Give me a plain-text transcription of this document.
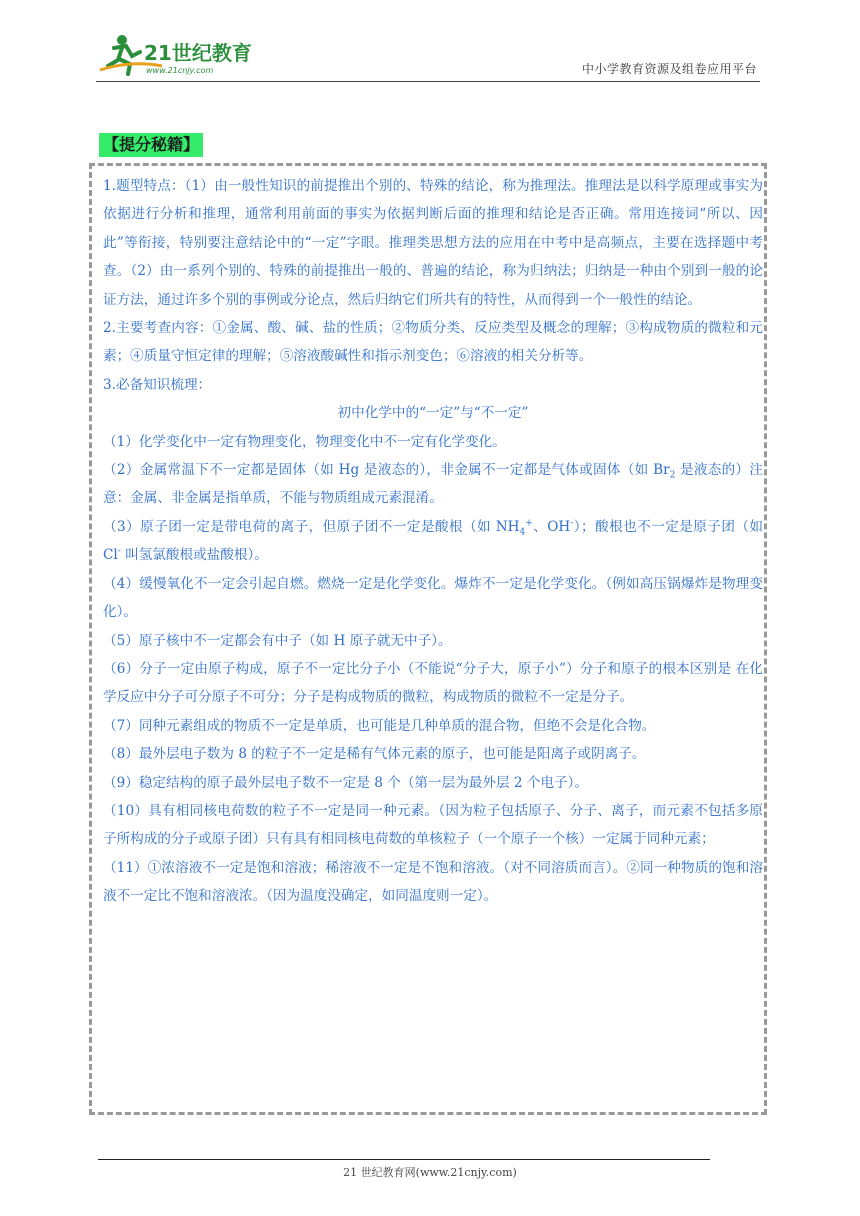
21世纪教育
www.21cnjy.com	中小学教育资源及组卷应用平台
【提分秘籍】

1.题型特点：（1）由一般性知识的前提推出个别的、特殊的结论，称为推理法。推理法是以科学原理或事实为依据进行分析和推理，通常利用前面的事实为依据判断后面的推理和结论是否正确。常用连接词“所以、因此”等衔接，特别要注意结论中的“一定”字眼。推理类思想方法的应用在中考中是高频点，主要在选择题中考查。（2）由一系列个别的、特殊的前提推出一般的、普遍的结论，称为归纳法；归纳是一种由个别到一般的论证方法，通过许多个别的事例或分论点，然后归纳它们所共有的特性，从而得到一个一般性的结论。

2.主要考查内容：①金属、酸、碱、盐的性质；②物质分类、反应类型及概念的理解；③构成物质的微粒和元素；④质量守恒定律的理解；⑤溶液酸碱性和指示剂变色；⑥溶液的相关分析等。

3.必备知识梳理：

初中化学中的“一定”与“不一定”

（1）化学变化中一定有物理变化，物理变化中不一定有化学变化。

（2）金属常温下不一定都是固体（如 Hg 是液态的），非金属不一定都是气体或固体（如 $Br_2$ 是液态的）注意：金属、非金属是指单质，不能与物质组成元素混淆。

（3）原子团一定是带电荷的离子，但原子团不一定是酸根（如 $NH_4^+$、OH-）；酸根也不一定是原子团（如 Cl- 叫氢氯酸根或盐酸根）。

（4）缓慢氧化不一定会引起自燃。燃烧一定是化学变化。爆炸不一定是化学变化。（例如高压锅爆炸是物理变化）。

（5）原子核中不一定都会有中子（如 H 原子就无中子）。

（6）分子一定由原子构成，原子不一定比分子小（不能说“分子大，原子小”）分子和原子的根本区别是 在化学反应中分子可分原子不可分；分子是构成物质的微粒，构成物质的微粒不一定是分子。

（7）同种元素组成的物质不一定是单质，也可能是几种单质的混合物，但绝不会是化合物。

（8）最外层电子数为 8 的粒子不一定是稀有气体元素的原子，也可能是阳离子或阴离子。

（9）稳定结构的原子最外层电子数不一定是 8 个（第一层为最外层 2 个电子）。

（10）具有相同核电荷数的粒子不一定是同一种元素。（因为粒子包括原子、分子、离子，而元素不包括多原子所构成的分子或原子团）只有具有相同核电荷数的单核粒子（一个原子一个核）一定属于同种元素；

（11）①浓溶液不一定是饱和溶液；稀溶液不一定是不饱和溶液。（对不同溶质而言）。②同一种物质的饱和溶液不一定比不饱和溶液浓。（因为温度没确定，如同温度则一定）。

21 世纪教育网(www.21cnjy.com)
